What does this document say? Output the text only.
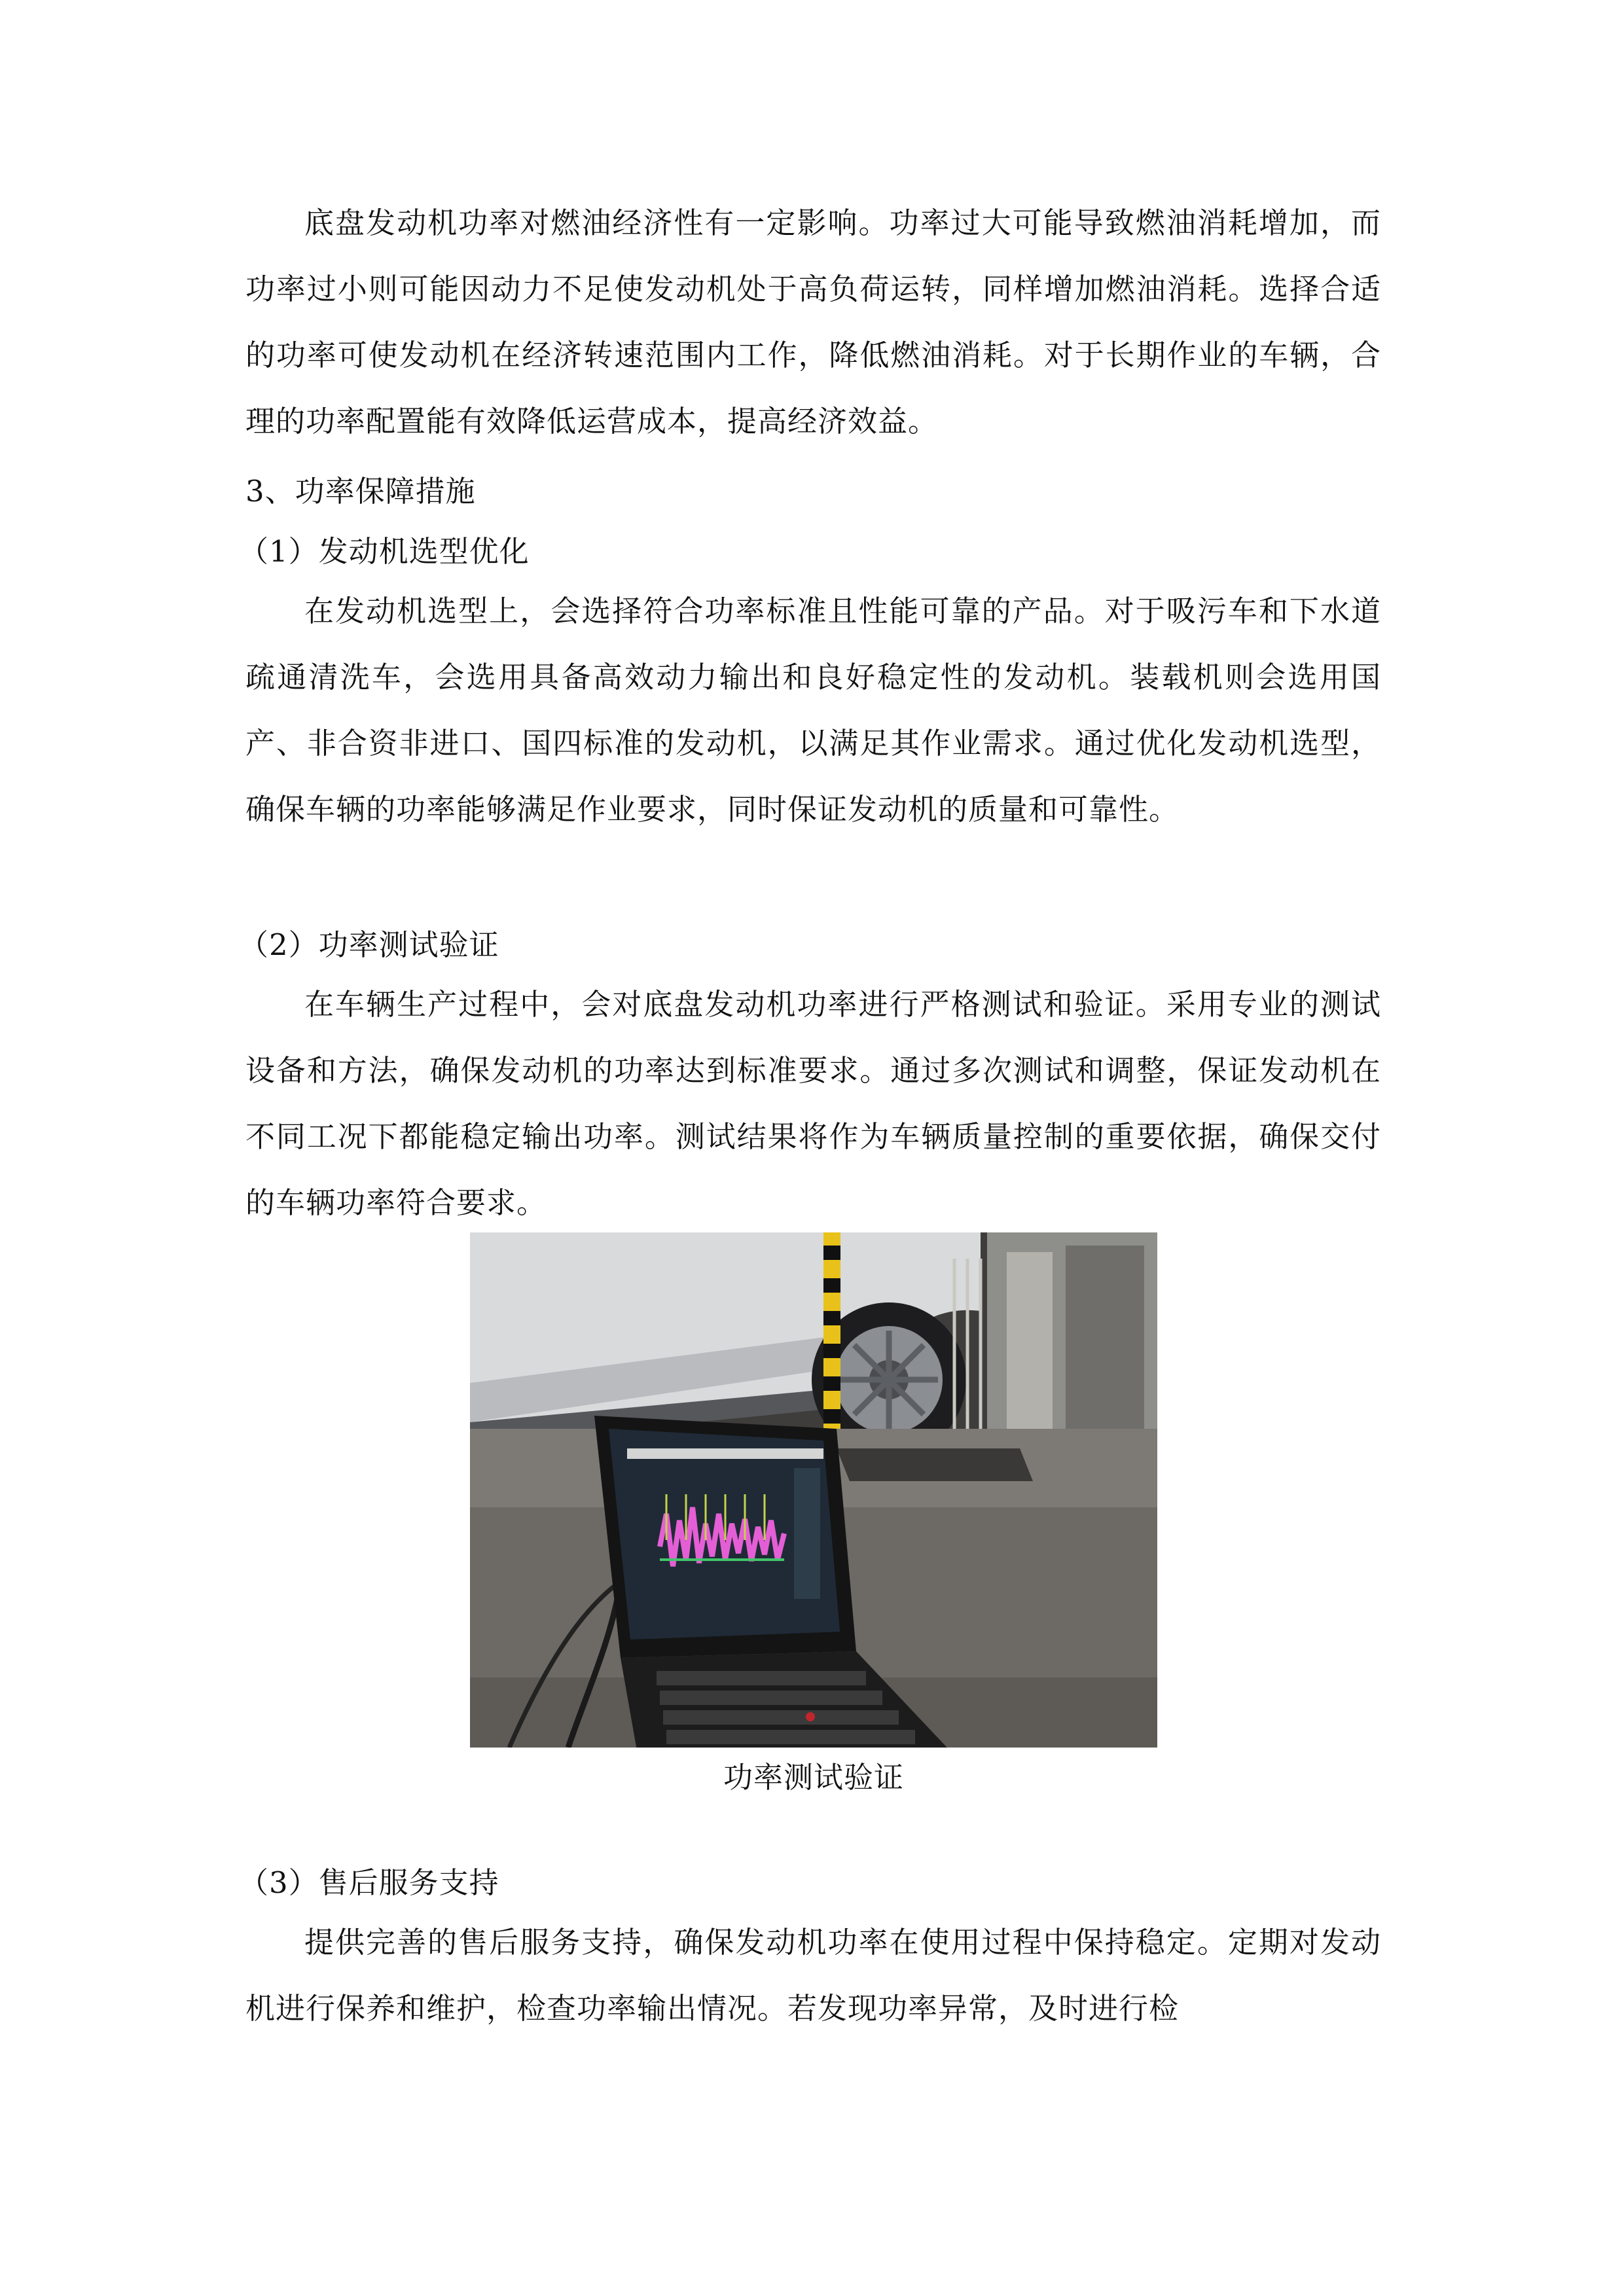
底盘发动机功率对燃油经济性有一定影响。功率过大可能导致燃油消耗增加，而功率过小则可能因动力不足使发动机处于高负荷运转，同样增加燃油消耗。选择合适的功率可使发动机在经济转速范围内工作，降低燃油消耗。对于长期作业的车辆，合理的功率配置能有效降低运营成本，提高经济效益。

3、功率保障措施

（1）发动机选型优化

在发动机选型上，会选择符合功率标准且性能可靠的产品。对于吸污车和下水道疏通清洗车，会选用具备高效动力输出和良好稳定性的发动机。装载机则会选用国产、非合资非进口、国四标准的发动机，以满足其作业需求。通过优化发动机选型，确保车辆的功率能够满足作业要求，同时保证发动机的质量和可靠性。

（2）功率测试验证

在车辆生产过程中，会对底盘发动机功率进行严格测试和验证。采用专业的测试设备和方法，确保发动机的功率达到标准要求。通过多次测试和调整，保证发动机在不同工况下都能稳定输出功率。测试结果将作为车辆质量控制的重要依据，确保交付的车辆功率符合要求。

功率测试验证

（3）售后服务支持

提供完善的售后服务支持，确保发动机功率在使用过程中保持稳定。定期对发动机进行保养和维护，检查功率输出情况。若发现功率异常，及时进行检
